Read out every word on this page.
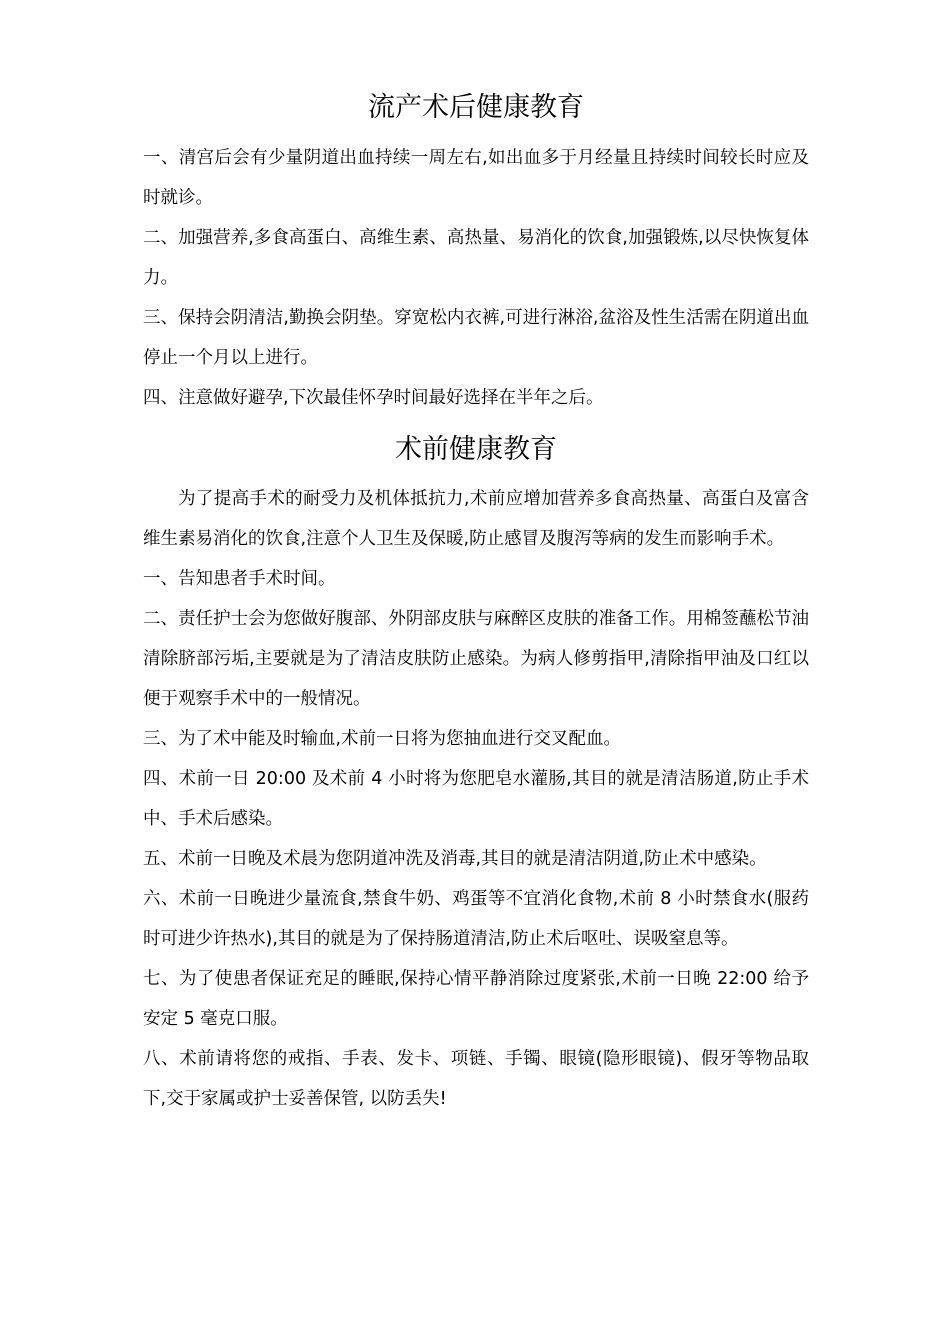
流产术后健康教育

一、清宫后会有少量阴道出血持续一周左右,如出血多于月经量且持续时间较长时应及时就诊。

二、加强营养,多食高蛋白、高维生素、高热量、易消化的饮食,加强锻炼,以尽快恢复体力。

三、保持会阴清洁,勤换会阴垫。穿宽松内衣裤,可进行淋浴,盆浴及性生活需在阴道出血停止一个月以上进行。

四、注意做好避孕,下次最佳怀孕时间最好选择在半年之后。

术前健康教育

为了提高手术的耐受力及机体抵抗力,术前应增加营养多食高热量、高蛋白及富含维生素易消化的饮食,注意个人卫生及保暖,防止感冒及腹泻等病的发生而影响手术。

一、告知患者手术时间。

二、责任护士会为您做好腹部、外阴部皮肤与麻醉区皮肤的准备工作。用棉签蘸松节油清除脐部污垢,主要就是为了清洁皮肤防止感染。为病人修剪指甲,清除指甲油及口红以便于观察手术中的一般情况。

三、为了术中能及时输血,术前一日将为您抽血进行交叉配血。

四、术前一日 20:00 及术前 4 小时将为您肥皂水灌肠,其目的就是清洁肠道,防止手术中、手术后感染。

五、术前一日晚及术晨为您阴道冲洗及消毒,其目的就是清洁阴道,防止术中感染。

六、术前一日晚进少量流食,禁食牛奶、鸡蛋等不宜消化食物,术前 8 小时禁食水(服药时可进少许热水),其目的就是为了保持肠道清洁,防止术后呕吐、误吸窒息等。

七、为了使患者保证充足的睡眠,保持心情平静消除过度紧张,术前一日晚 22:00 给予安定 5 毫克口服。

八、术前请将您的戒指、手表、发卡、项链、手镯、眼镜(隐形眼镜)、假牙等物品取下,交于家属或护士妥善保管, 以防丢失!
